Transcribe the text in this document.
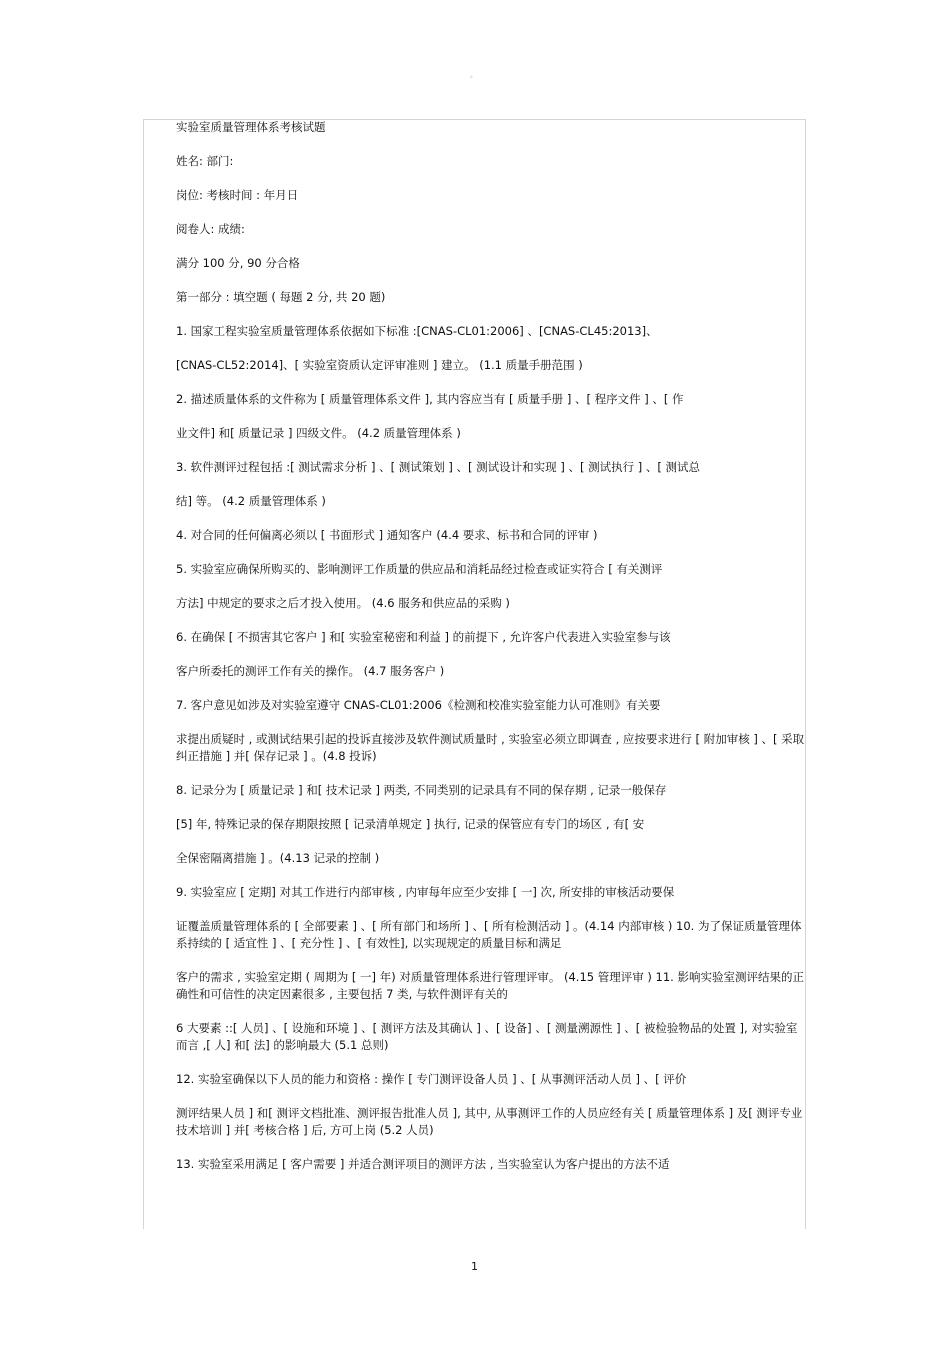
。

实验室质量管理体系考核试题

姓名: 部门:

岗位: 考核时间 : 年月日

阅卷人: 成绩:

满分 100 分, 90 分合格

第一部分 : 填空题 ( 每题 2 分, 共 20 题)

1. 国家工程实验室质量管理体系依据如下标准 :[CNAS-CL01:2006] 、[CNAS-CL45:2013]、

[CNAS-CL52:2014]、[ 实验室资质认定评审准则 ] 建立。 (1.1 质量手册范围 )

2. 描述质量体系的文件称为 [ 质量管理体系文件 ], 其内容应当有 [ 质量手册 ] 、[ 程序文件 ] 、[ 作

业文件] 和[ 质量记录 ] 四级文件。 (4.2 质量管理体系 )

3. 软件测评过程包括 :[ 测试需求分析 ] 、[ 测试策划 ] 、[ 测试设计和实现 ] 、[ 测试执行 ] 、[ 测试总

结] 等。 (4.2 质量管理体系 )

4. 对合同的任何偏离必须以 [ 书面形式 ] 通知客户 (4.4 要求、标书和合同的评审 )

5. 实验室应确保所购买的、影响测评工作质量的供应品和消耗品经过检查或证实符合 [ 有关测评

方法] 中规定的要求之后才投入使用。 (4.6 服务和供应品的采购 )

6. 在确保 [ 不损害其它客户 ] 和[ 实验室秘密和利益 ] 的前提下 , 允许客户代表进入实验室参与该

客户所委托的测评工作有关的操作。 (4.7 服务客户 )

7. 客户意见如涉及对实验室遵守 CNAS-CL01:2006《检测和校准实验室能力认可准则》有关要

求提出质疑时 , 或测试结果引起的投诉直接涉及软件测试质量时 , 实验室必须立即调查 , 应按要求进行 [ 附加审核 ] 、[ 采取纠正措施 ] 并[ 保存记录 ] 。(4.8 投诉)

8. 记录分为 [ 质量记录 ] 和[ 技术记录 ] 两类, 不同类别的记录具有不同的保存期 , 记录一般保存

[5] 年, 特殊记录的保存期限按照 [ 记录清单规定 ] 执行, 记录的保管应有专门的场区 , 有[ 安

全保密隔离措施 ] 。(4.13 记录的控制 )

9. 实验室应 [ 定期] 对其工作进行内部审核 , 内审每年应至少安排 [ 一] 次, 所安排的审核活动要保

证覆盖质量管理体系的 [ 全部要素 ] 、[ 所有部门和场所 ] 、[ 所有检测活动 ] 。(4.14 内部审核 ) 10. 为了保证质量管理体系持续的 [ 适宜性 ] 、[ 充分性 ] 、[ 有效性], 以实现规定的质量目标和满足

客户的需求 , 实验室定期 ( 周期为 [ 一] 年) 对质量管理体系进行管理评审。 (4.15 管理评审 ) 11. 影响实验室测评结果的正确性和可信性的决定因素很多 , 主要包括 7 类, 与软件测评有关的

6 大要素 ::[ 人员] 、[ 设施和环境 ] 、[ 测评方法及其确认 ] 、[ 设备] 、[ 测量溯源性 ] 、[ 被检验物品的处置 ], 对实验室而言 ,[ 人] 和[ 法] 的影响最大 (5.1 总则)

12. 实验室确保以下人员的能力和资格 : 操作 [ 专门测评设备人员 ] 、[ 从事测评活动人员 ] 、[ 评价

测评结果人员 ] 和[ 测评文档批准、测评报告批准人员 ], 其中, 从事测评工作的人员应经有关 [ 质量管理体系 ] 及[ 测评专业技术培训 ] 并[ 考核合格 ] 后, 方可上岗 (5.2 人员)

13. 实验室采用满足 [ 客户需要 ] 并适合测评项目的测评方法 , 当实验室认为客户提出的方法不适

1
